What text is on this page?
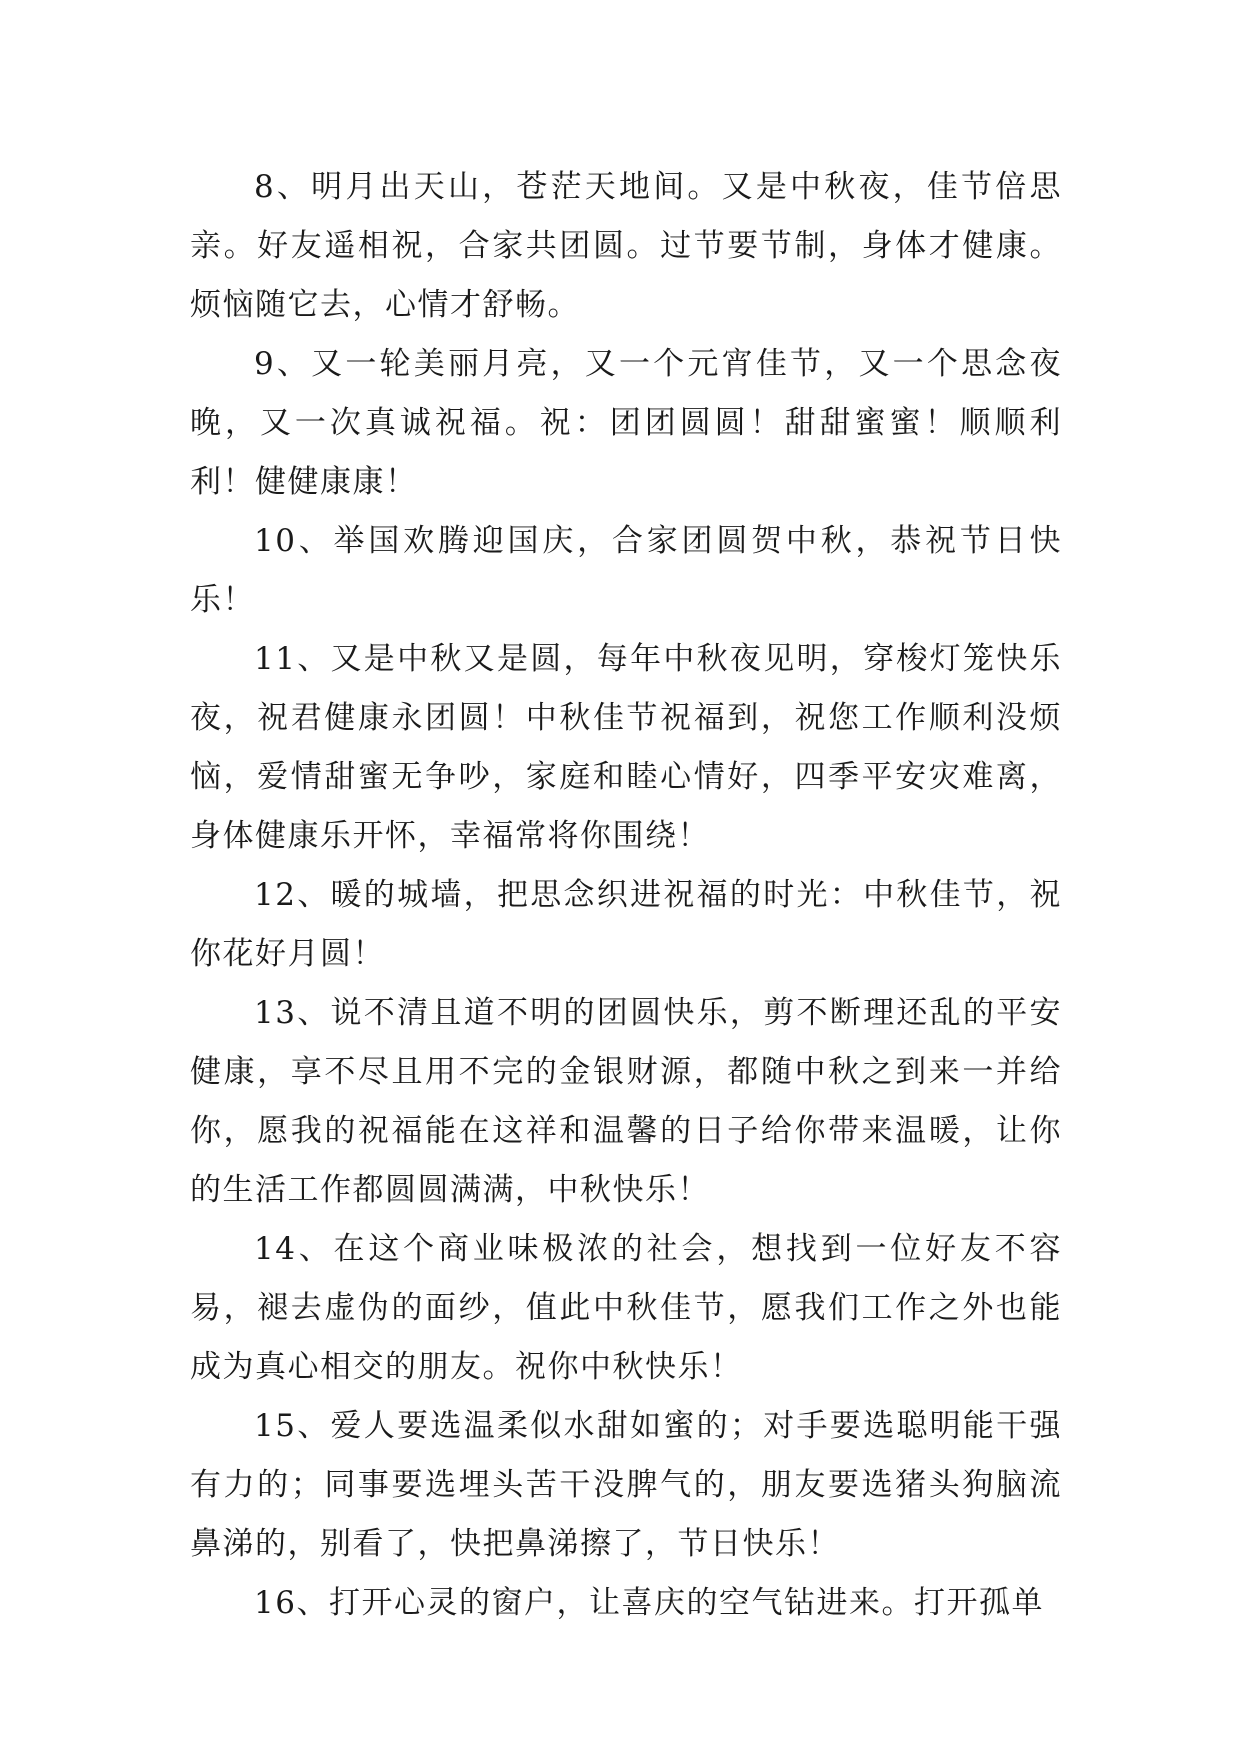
8、明月出天山，苍茫天地间。又是中秋夜，佳节倍思亲。好友遥相祝，合家共团圆。过节要节制，身体才健康。烦恼随它去，心情才舒畅。

9、又一轮美丽月亮，又一个元宵佳节，又一个思念夜晚，又一次真诚祝福。祝：团团圆圆！甜甜蜜蜜！顺顺利利！健健康康！

10、举国欢腾迎国庆，合家团圆贺中秋，恭祝节日快乐！

11、又是中秋又是圆，每年中秋夜见明，穿梭灯笼快乐夜，祝君健康永团圆！中秋佳节祝福到，祝您工作顺利没烦恼，爱情甜蜜无争吵，家庭和睦心情好，四季平安灾难离，身体健康乐开怀，幸福常将你围绕！

12、暖的城墙，把思念织进祝福的时光：中秋佳节，祝你花好月圆！

13、说不清且道不明的团圆快乐，剪不断理还乱的平安健康，享不尽且用不完的金银财源，都随中秋之到来一并给你，愿我的祝福能在这祥和温馨的日子给你带来温暖，让你的生活工作都圆圆满满，中秋快乐！

14、在这个商业味极浓的社会，想找到一位好友不容易，褪去虚伪的面纱，值此中秋佳节，愿我们工作之外也能成为真心相交的朋友。祝你中秋快乐！

15、爱人要选温柔似水甜如蜜的；对手要选聪明能干强有力的；同事要选埋头苦干没脾气的，朋友要选猪头狗脑流鼻涕的，别看了，快把鼻涕擦了，节日快乐！

16、打开心灵的窗户，让喜庆的空气钻进来。打开孤单
